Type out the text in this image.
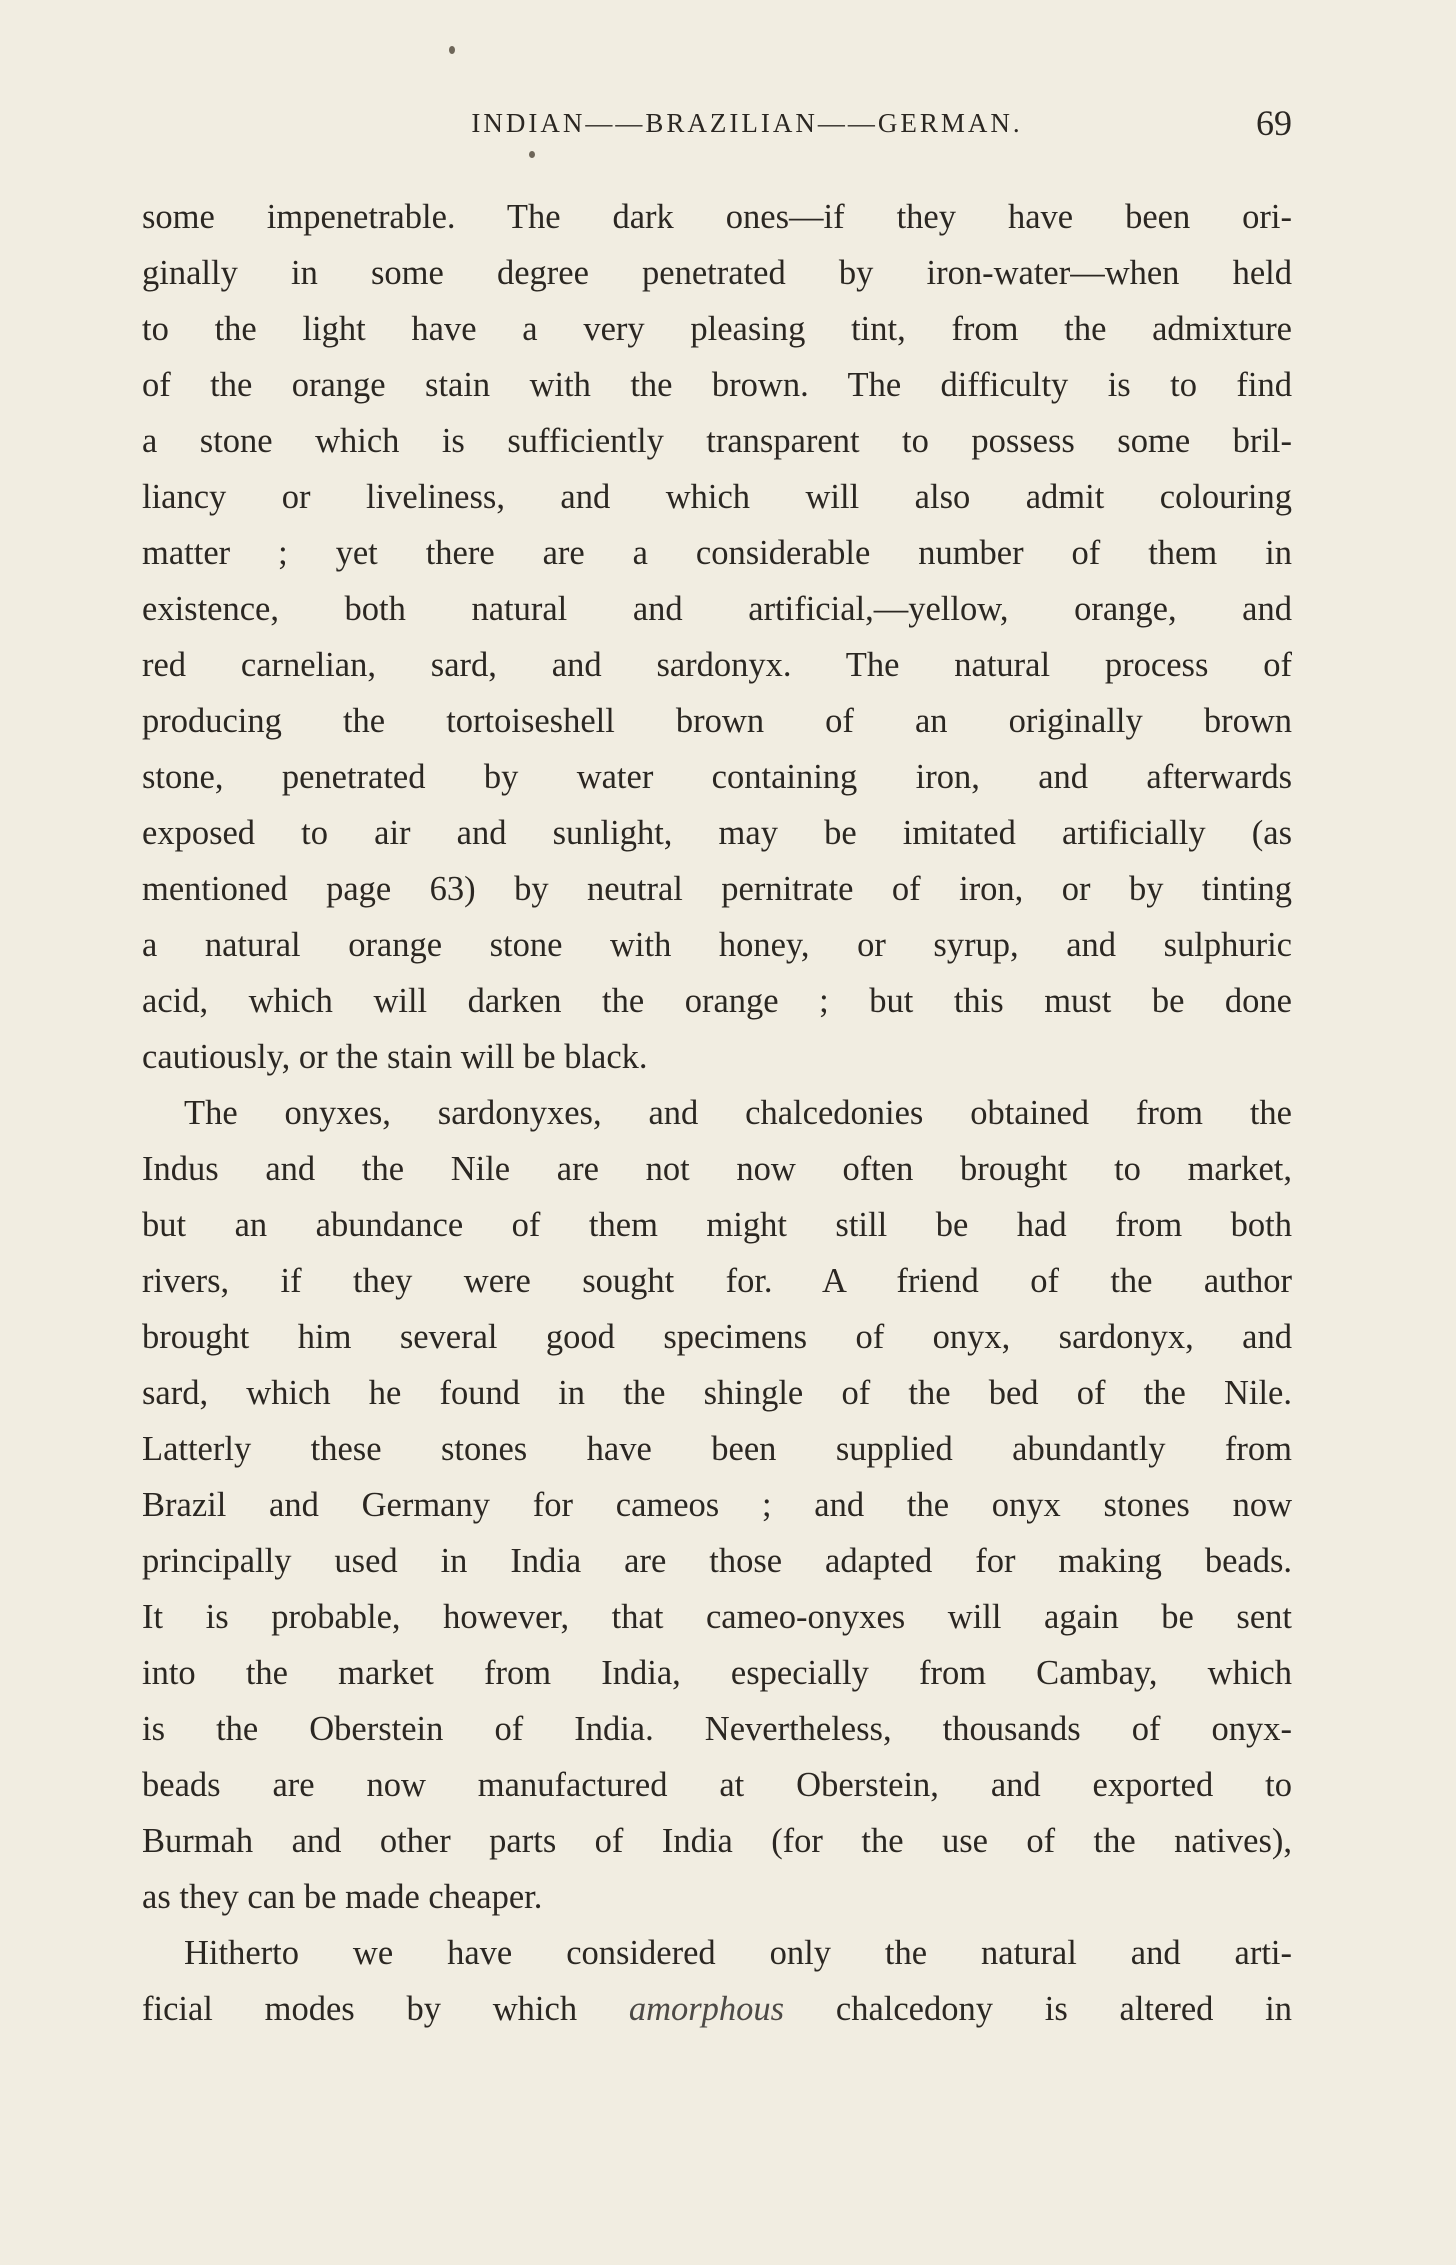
INDIAN——BRAZILIAN——GERMAN.	69
some impenetrable. The dark ones—if they have been ori-
ginally in some degree penetrated by iron-water—when held
to the light have a very pleasing tint, from the admixture
of the orange stain with the brown. The difficulty is to find
a stone which is sufficiently transparent to possess some bril-
liancy or liveliness, and which will also admit colouring
matter ; yet there are a considerable number of them in
existence, both natural and artificial,—yellow, orange, and
red carnelian, sard, and sardonyx. The natural process of
producing the tortoiseshell brown of an originally brown
stone, penetrated by water containing iron, and afterwards
exposed to air and sunlight, may be imitated artificially (as
mentioned page 63) by neutral pernitrate of iron, or by tinting
a natural orange stone with honey, or syrup, and sulphuric
acid, which will darken the orange ; but this must be done
cautiously, or the stain will be black.
The onyxes, sardonyxes, and chalcedonies obtained from the
Indus and the Nile are not now often brought to market,
but an abundance of them might still be had from both
rivers, if they were sought for. A friend of the author
brought him several good specimens of onyx, sardonyx, and
sard, which he found in the shingle of the bed of the Nile.
Latterly these stones have been supplied abundantly from
Brazil and Germany for cameos ; and the onyx stones now
principally used in India are those adapted for making beads.
It is probable, however, that cameo-onyxes will again be sent
into the market from India, especially from Cambay, which
is the Oberstein of India. Nevertheless, thousands of onyx-
beads are now manufactured at Oberstein, and exported to
Burmah and other parts of India (for the use of the natives),
as they can be made cheaper.
Hitherto we have considered only the natural and arti-
ficial modes by which amorphous chalcedony is altered in
